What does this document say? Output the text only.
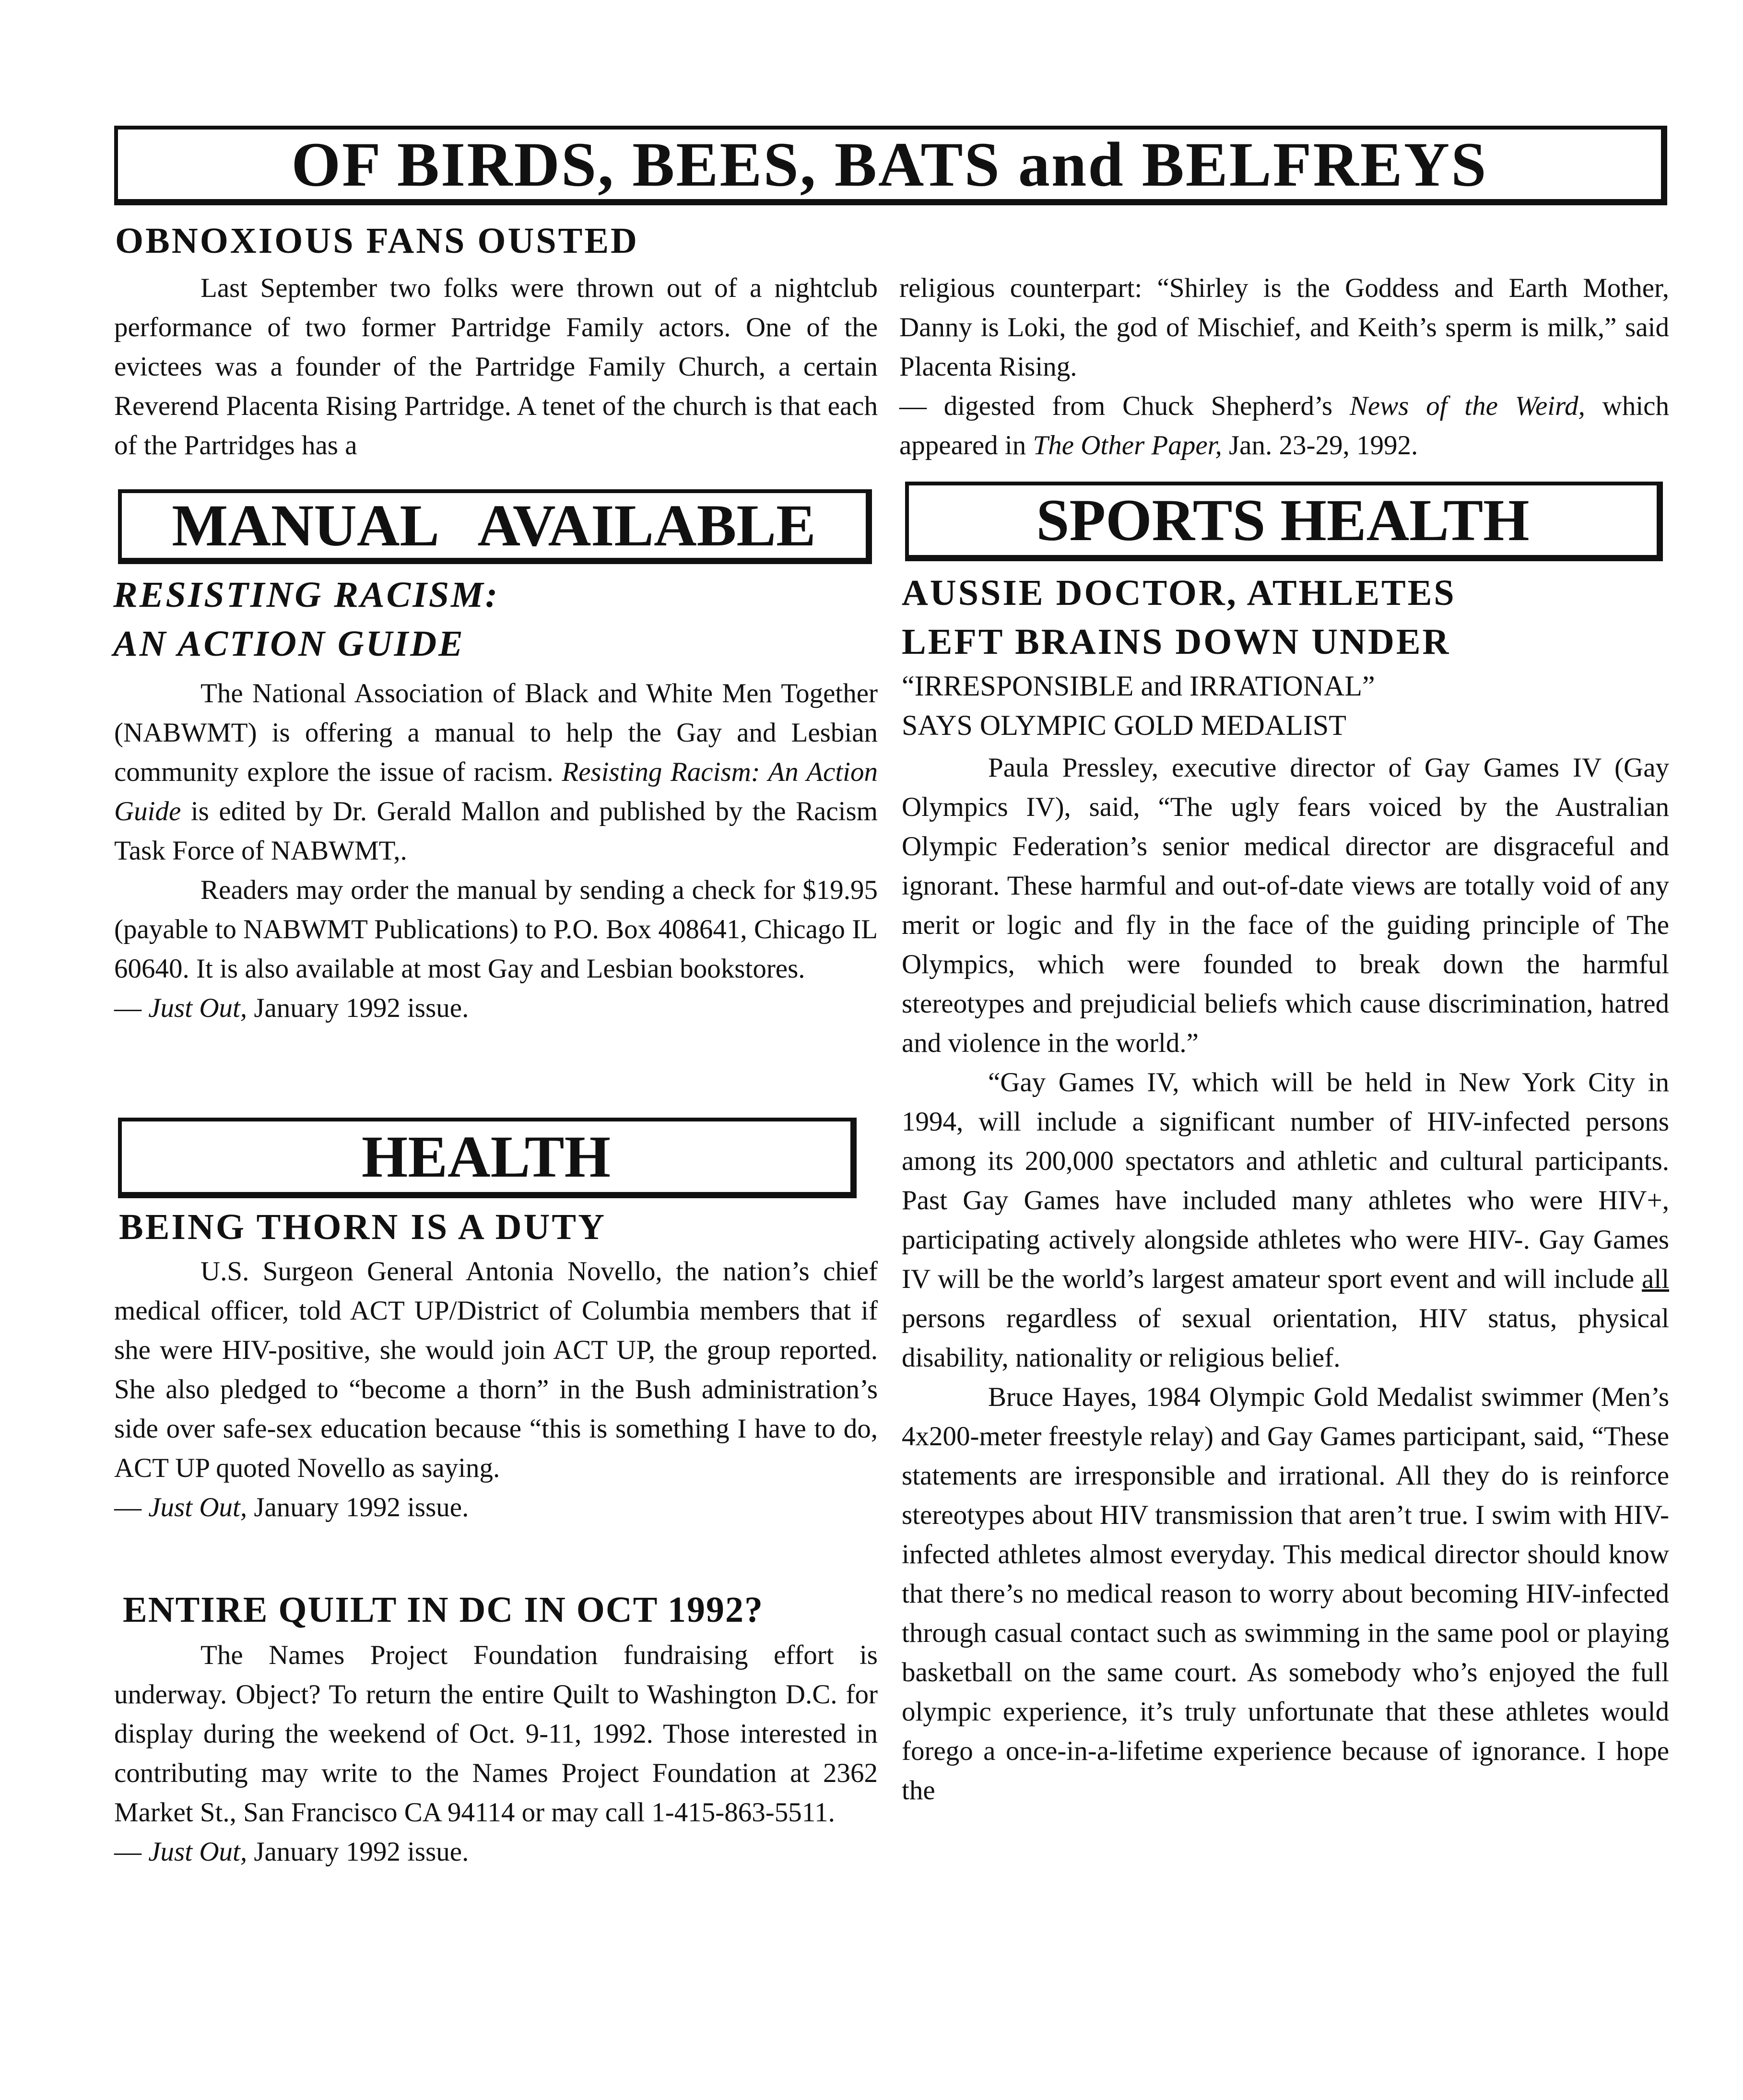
OF BIRDS, BEES, BATS and BELFREYS
OBNOXIOUS FANS OUSTED

Last September two folks were thrown out of a nightclub performance of two former Partridge Family actors. One of the evictees was a founder of the Partridge Family Church, a certain Reverend Placenta Rising Partridge. A tenet of the church is that each of the Partridges has a

religious counterpart: “Shirley is the Goddess and Earth Mother, Danny is Loki, the god of Mischief, and Keith’s sperm is milk,” said Placenta Rising.

— digested from Chuck Shepherd’s News of the Weird, which appeared in The Other Paper, Jan. 23-29, 1992.

MANUAL   AVAILABLE
RESISTING RACISM:
AN ACTION GUIDE

The National Association of Black and White Men Together (NABWMT) is offering a manual to help the Gay and Lesbian community explore the issue of racism. Resisting Racism: An Action Guide is edited by Dr. Gerald Mallon and published by the Racism Task Force of NABWMT,.

Readers may order the manual by sending a check for $19.95 (payable to NABWMT Publications) to P.O. Box 408641, Chicago IL 60640. It is also available at most Gay and Lesbian bookstores.

— Just Out, January 1992 issue.

HEALTH
BEING THORN IS A DUTY

U.S. Surgeon General Antonia Novello, the nation’s chief medical officer, told ACT UP/District of Columbia members that if she were HIV-positive, she would join ACT UP, the group reported. She also pledged to “become a thorn” in the Bush administration’s side over safe-sex education because “this is something I have to do, ACT UP quoted Novello as saying.

— Just Out, January 1992 issue.

ENTIRE QUILT IN DC IN OCT 1992?

The Names Project Foundation fundraising effort is underway. Object? To return the entire Quilt to Washington D.C. for display during the weekend of Oct. 9-11, 1992. Those interested in contributing may write to the Names Project Foundation at 2362 Market St., San Francisco CA 94114 or may call 1-415-863-5511.

— Just Out, January 1992 issue.

SPORTS HEALTH
AUSSIE DOCTOR, ATHLETES
LEFT BRAINS DOWN UNDER
“IRRESPONSIBLE and IRRATIONAL”
SAYS OLYMPIC GOLD MEDALIST

Paula Pressley, executive director of Gay Games IV (Gay Olympics IV), said, “The ugly fears voiced by the Australian Olympic Federation’s senior medical director are disgraceful and ignorant. These harmful and out-of-date views are totally void of any merit or logic and fly in the face of the guiding principle of The Olympics, which were founded to break down the harmful stereotypes and prejudicial beliefs which cause discrimination, hatred and violence in the world.”

“Gay Games IV, which will be held in New York City in 1994, will include a significant number of HIV-infected persons among its 200,000 spectators and athletic and cultural participants. Past Gay Games have included many athletes who were HIV+, participating actively alongside athletes who were HIV-. Gay Games IV will be the world’s largest amateur sport event and will include all persons regardless of sexual orientation, HIV status, physical disability, nationality or religious belief.

Bruce Hayes, 1984 Olympic Gold Medalist swimmer (Men’s 4x200-meter freestyle relay) and Gay Games participant, said, “These statements are irresponsible and irrational. All they do is reinforce stereotypes about HIV transmission that aren’t true. I swim with HIV-infected athletes almost everyday. This medical director should know that there’s no medical reason to worry about becoming HIV-infected through casual contact such as swimming in the same pool or playing basketball on the same court. As somebody who’s enjoyed the full olympic experience, it’s truly unfortunate that these athletes would forego a once-in-a-lifetime experience because of ignorance. I hope the
